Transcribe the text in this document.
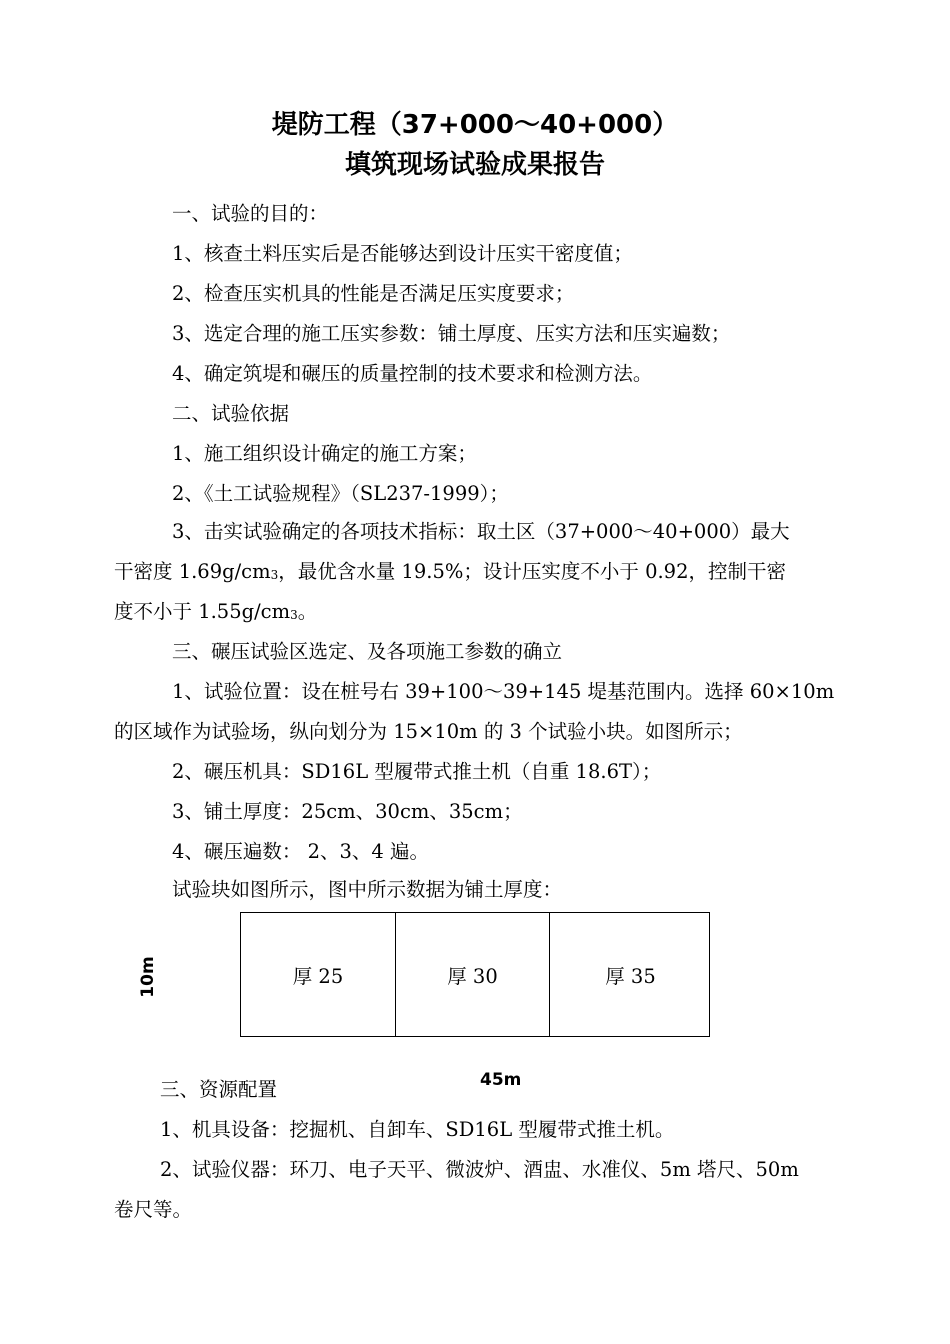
堤防工程（37+000～40+000）
填筑现场试验成果报告
一、试验的目的：
1、核查土料压实后是否能够达到设计压实干密度值；
2、检查压实机具的性能是否满足压实度要求；
3、选定合理的施工压实参数：铺土厚度、压实方法和压实遍数；
4、确定筑堤和碾压的质量控制的技术要求和检测方法。
二、试验依据
1、施工组织设计确定的施工方案；
2、《土工试验规程》（SL237-1999）；
3、击实试验确定的各项技术指标：取土区（37+000～40+000）最大
干密度 $1.69g/cm_3$，最优含水量 19.5%；设计压实度不小于 0.92，控制干密
度不小于 $1.55g/cm_3$。
三、碾压试验区选定、及各项施工参数的确立
1、试验位置：设在桩号右 39+100～39+145 堤基范围内。选择 60×10m
的区域作为试验场，纵向划分为 15×10m 的 3 个试验小块。如图所示；
2、碾压机具：SD16L 型履带式推土机（自重 18.6T）；
3、铺土厚度：25cm、30cm、35cm；
4、碾压遍数： 2、3、4 遍。
试验块如图所示，图中所示数据为铺土厚度：
厚 25	厚 30	厚 35
10m
45m
三、资源配置
1、机具设备：挖掘机、自卸车、SD16L 型履带式推土机。
2、试验仪器：环刀、电子天平、微波炉、酒盅、水准仪、5m 塔尺、50m
卷尺等。
